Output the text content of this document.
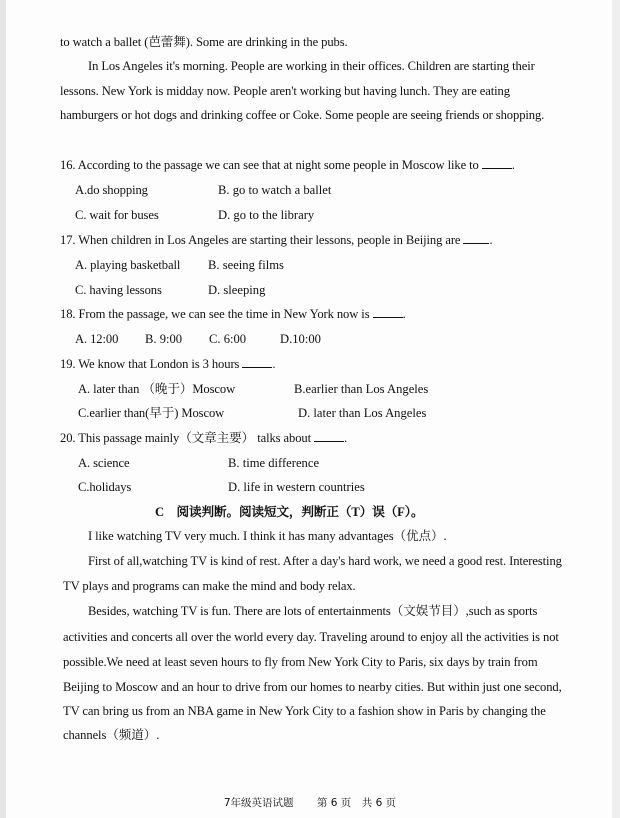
to watch a ballet (芭蕾舞). Some are drinking in the pubs.
In Los Angeles it's morning. People are working in their offices. Children are starting their
lessons. New York is midday now. People aren't working but having lunch. They are eating
hamburgers or hot dogs and drinking coffee or Coke. Some people are seeing friends or shopping.
16. According to the passage we can see that at night some people in Moscow like to	.
A.do shopping	B. go to watch a ballet
C. wait for buses	D. go to the library
17. When children in Los Angeles are starting their lessons, people in Beijing are .
A. playing basketball B. seeing films
C. having lessons	D. sleeping
18. From the passage, we can see the time in New York now is	.
A. 12:00 B. 9:00 C. 6:00	D.10:00
19. We know that London is 3 hours	.
A. later than （晚于）Moscow	B.earlier than Los Angeles
C.earlier than(早于) Moscow	D. later than Los Angeles
20. This passage mainly（文章主要） talks about	.
A. science	B. time difference
C.holidays	D. life in western countries
C　阅读判断。阅读短文，判断正（T）误（F）。
I like watching TV very much. I think it has many advantages（优点）.
First of all,watching TV is kind of rest. After a day's hard work, we need a good rest. Interesting
TV plays and programs can make the mind and body relax.
Besides, watching TV is fun. There are lots of entertainments（文娱节目）,such as sports
activities and concerts all over the world every day. Traveling around to enjoy all the activities is not
possible.We need at least seven hours to fly from New York City to Paris, six days by train from
Beijing to Moscow and an hour to drive from our homes to nearby cities. But within just one second,
TV can bring us from an NBA game in New York City to a fashion show in Paris by changing the
channels（频道）.
7年级英语试题 第 6 页　共 6 页
